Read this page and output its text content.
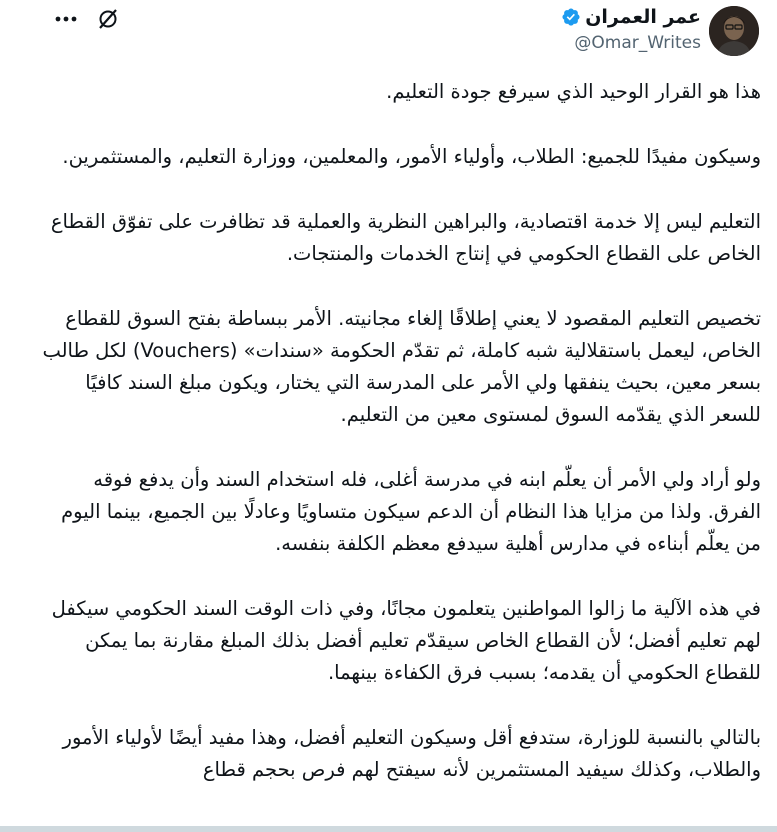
عمر العمران
@Omar_Writes

هذا هو القرار الوحيد الذي سيرفع جودة التعليم.

وسيكون مفيدًا للجميع: الطلاب، وأولياء الأمور، والمعلمين، ووزارة التعليم، والمستثمرين.

التعليم ليس إلا خدمة اقتصادية، والبراهين النظرية والعملية قد تظافرت على تفوّق القطاع الخاص على القطاع الحكومي في إنتاج الخدمات والمنتجات.

تخصيص التعليم المقصود لا يعني إطلاقًا إلغاء مجانيته. الأمر ببساطة بفتح السوق للقطاع الخاص، ليعمل باستقلالية شبه كاملة، ثم تقدّم الحكومة «سندات» (Vouchers) لكل طالب بسعر معين، بحيث ينفقها ولي الأمر على المدرسة التي يختار، ويكون مبلغ السند كافيًا للسعر الذي يقدّمه السوق لمستوى معين من التعليم.

ولو أراد ولي الأمر أن يعلّم ابنه في مدرسة أغلى، فله استخدام السند وأن يدفع فوقه الفرق. ولذا من مزايا هذا النظام أن الدعم سيكون متساويًا وعادلًا بين الجميع، بينما اليوم من يعلّم أبناءه في مدارس أهلية سيدفع معظم الكلفة بنفسه.

في هذه الآلية ما زالوا المواطنين يتعلمون مجانًا، وفي ذات الوقت السند الحكومي سيكفل لهم تعليم أفضل؛ لأن القطاع الخاص سيقدّم تعليم أفضل بذلك المبلغ مقارنة بما يمكن للقطاع الحكومي أن يقدمه؛ بسبب فرق الكفاءة بينهما.

بالتالي بالنسبة للوزارة، ستدفع أقل وسيكون التعليم أفضل، وهذا مفيد أيضًا لأولياء الأمور والطلاب، وكذلك سيفيد المستثمرين لأنه سيفتح لهم فرص بحجم قطاع
